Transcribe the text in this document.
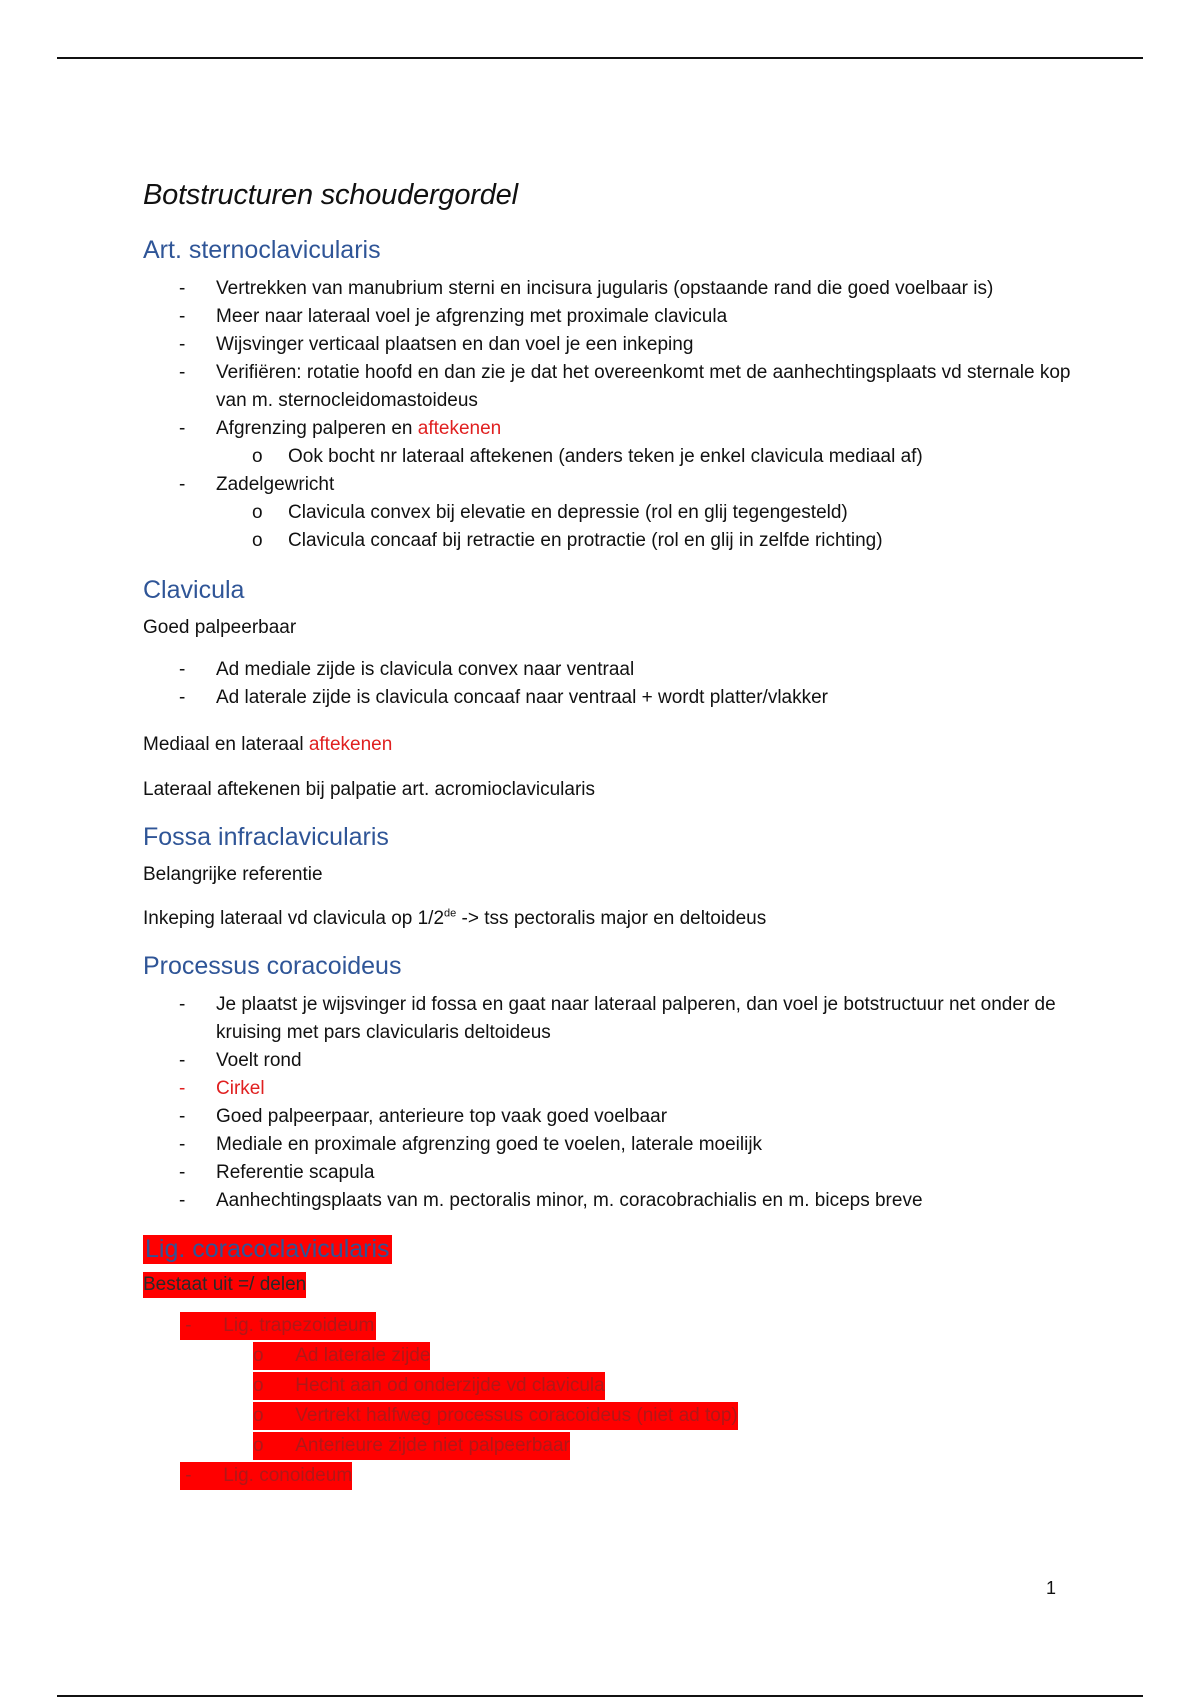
Botstructuren schoudergordel
Art. sternoclavicularis
- Vertrekken van manubrium sterni en incisura jugularis (opstaande rand die goed voelbaar is)
- Meer naar lateraal voel je afgrenzing met proximale clavicula
- Wijsvinger verticaal plaatsen en dan voel je een inkeping
- Verifiëren: rotatie hoofd en dan zie je dat het overeenkomt met de aanhechtingsplaats vd sternale kop van m. sternocleidomastoideus
- Afgrenzing palperen en aftekenen
o Ook bocht nr lateraal aftekenen (anders teken je enkel clavicula mediaal af)
- Zadelgewricht
o Clavicula convex bij elevatie en depressie (rol en glij tegengesteld)
o Clavicula concaaf bij retractie en protractie (rol en glij in zelfde richting)
Clavicula

Goed palpeerbaar

- Ad mediale zijde is clavicula convex naar ventraal
- Ad laterale zijde is clavicula concaaf naar ventraal + wordt platter/vlakker

Mediaal en lateraal aftekenen

Lateraal aftekenen bij palpatie art. acromioclavicularis

Fossa infraclavicularis

Belangrijke referentie

Inkeping lateraal vd clavicula op 1/2de -> tss pectoralis major en deltoideus

Processus coracoideus
- Je plaatst je wijsvinger id fossa en gaat naar lateraal palperen, dan voel je botstructuur net onder de kruising met pars clavicularis deltoideus
- Voelt rond
- Cirkel
- Goed palpeerpaar, anterieure top vaak goed voelbaar
- Mediale en proximale afgrenzing goed te voelen, laterale moeilijk
- Referentie scapula
- Aanhechtingsplaats van m. pectoralis minor, m. coracobrachialis en m. biceps breve
Lig. coracoclavicularis

Bestaat uit =/ delen

-      Lig. trapezoideum
o      Ad laterale zijde
o      Hecht aan od onderzijde vd clavicula
o      Vertrekt halfweg processus coracoideus (niet ad top)
o      Anterieure zijde niet palpeerbaar
-      Lig. conoideum
1
